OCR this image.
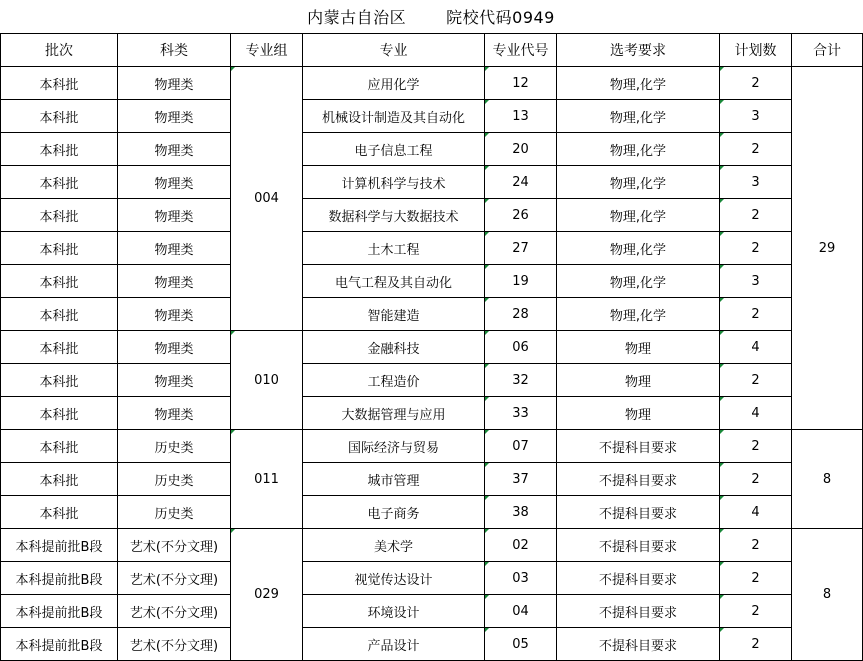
内蒙古自治区	院校代码0949
批次	科类	专业组	专业	专业代号	选考要求	计划数	合计
本科批	物理类	004	应用化学	12	物理,化学	2	29
本科批	物理类		机械设计制造及其自动化	13	物理,化学	3	
本科批	物理类		电子信息工程	20	物理,化学	2	
本科批	物理类		计算机科学与技术	24	物理,化学	3	
本科批	物理类		数据科学与大数据技术	26	物理,化学	2	
本科批	物理类		土木工程	27	物理,化学	2	
本科批	物理类		电气工程及其自动化	19	物理,化学	3	
本科批	物理类		智能建造	28	物理,化学	2	
本科批	物理类	010	金融科技	06	物理	4	
本科批	物理类		工程造价	32	物理	2	
本科批	物理类		大数据管理与应用	33	物理	4	
本科批	历史类	011	国际经济与贸易	07	不提科目要求	2	8
本科批	历史类		城市管理	37	不提科目要求	2	
本科批	历史类		电子商务	38	不提科目要求	4	
本科提前批B段	艺术(不分文理)	029	美术学	02	不提科目要求	2	8
本科提前批B段	艺术(不分文理)		视觉传达设计	03	不提科目要求	2	
本科提前批B段	艺术(不分文理)		环境设计	04	不提科目要求	2	
本科提前批B段	艺术(不分文理)		产品设计	05	不提科目要求	2	
